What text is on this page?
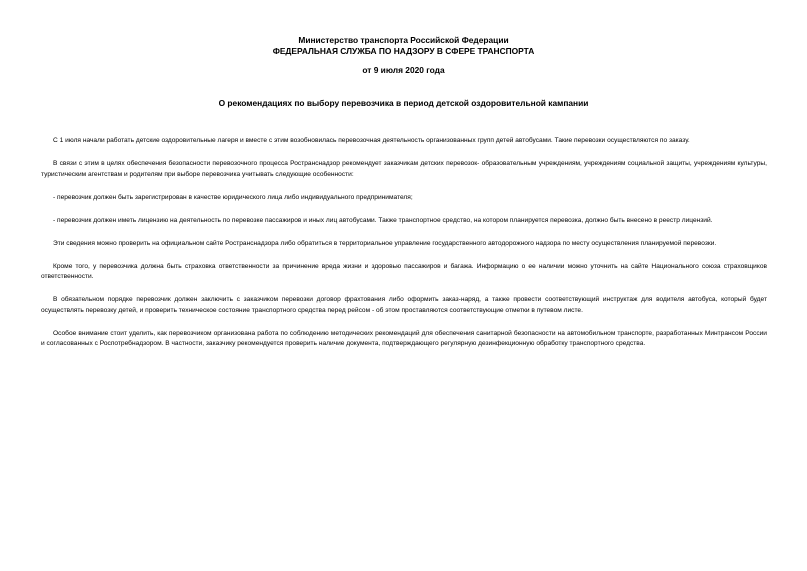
Министерство транспорта Российской Федерации
ФЕДЕРАЛЬНАЯ СЛУЖБА ПО НАДЗОРУ В СФЕРЕ ТРАНСПОРТА
от 9 июля 2020 года
О рекомендациях по выбору перевозчика в период детской оздоровительной кампании

С 1 июля начали работать детские оздоровительные лагеря и вместе с этим возобновилась перевозочная деятельность организованных групп детей автобусами. Такие перевозки осуществляются по заказу.

В связи с этим в целях обеспечения безопасности перевозочного процесса Ространснадзор рекомендует заказчикам детских перевозок- образовательным учреждениям, учреждениям социальной защиты, учреждениям культуры, туристическим агентствам и родителям при выборе перевозчика учитывать следующие особенности:

- перевозчик должен быть зарегистрирован в качестве юридического лица либо индивидуального предпринимателя;

- перевозчик должен иметь лицензию на деятельность по перевозке пассажиров и иных лиц автобусами. Также транспортное средство, на котором планируется перевозка, должно быть внесено в реестр лицензий.

Эти сведения можно проверить на официальном сайте Ространснадзора либо обратиться в территориальное управление государственного автодорожного надзора по месту осуществления планируемой перевозки.

Кроме того, у перевозчика должна быть страховка ответственности за причинение вреда жизни и здоровью пассажиров и багажа. Информацию о ее наличии можно уточнить на сайте Национального союза страховщиков ответственности.

В обязательном порядке перевозчик должен заключить с заказчиком перевозки договор фрахтования либо оформить заказ-наряд, а также провести соответствующий инструктаж для водителя автобуса, который будет осуществлять перевозку детей, и проверить техническое состояние транспортного средства перед рейсом - об этом проставляются соответствующие отметки в путевом листе.

Особое внимание стоит уделить, как перевозчиком организована работа по соблюдению методических рекомендаций для обеспечения санитарной безопасности на автомобильном транспорте, разработанных Минтрансом России и согласованных с Роспотребнадзором. В частности, заказчику рекомендуется проверить наличие документа, подтверждающего регулярную дезинфекционную обработку транспортного средства.
